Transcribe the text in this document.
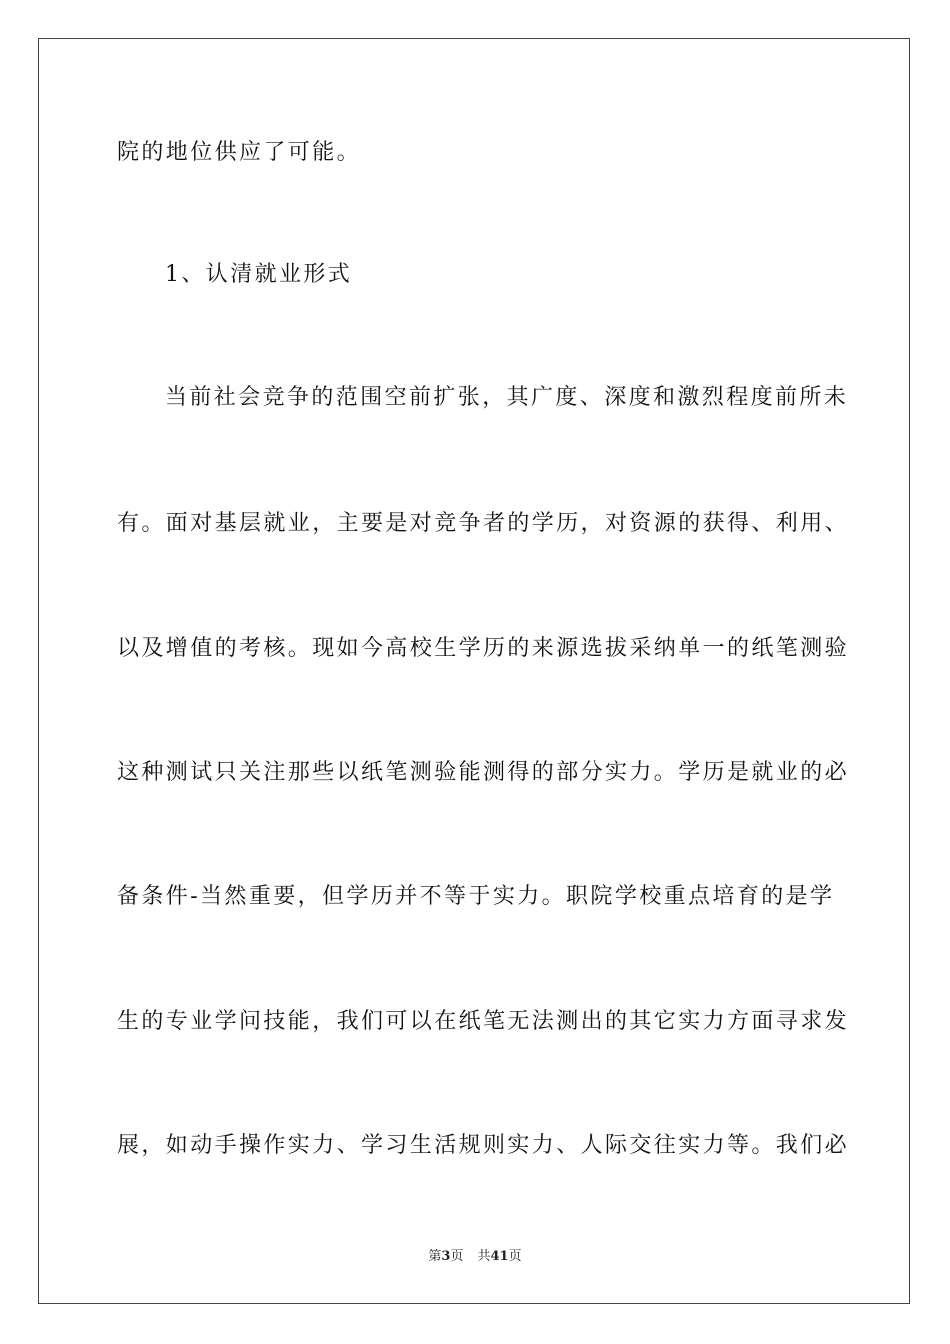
院的地位供应了可能。
1、认清就业形式
当前社会竞争的范围空前扩张，其广度、深度和激烈程度前所未
有。面对基层就业，主要是对竞争者的学历，对资源的获得、利用、
以及增值的考核。现如今高校生学历的来源选拔采纳单一的纸笔测验
这种测试只关注那些以纸笔测验能测得的部分实力。学历是就业的必
备条件-当然重要，但学历并不等于实力。职院学校重点培育的是学
生的专业学问技能，我们可以在纸笔无法测出的其它实力方面寻求发
展，如动手操作实力、学习生活规则实力、人际交往实力等。我们必
第3页 共41页
